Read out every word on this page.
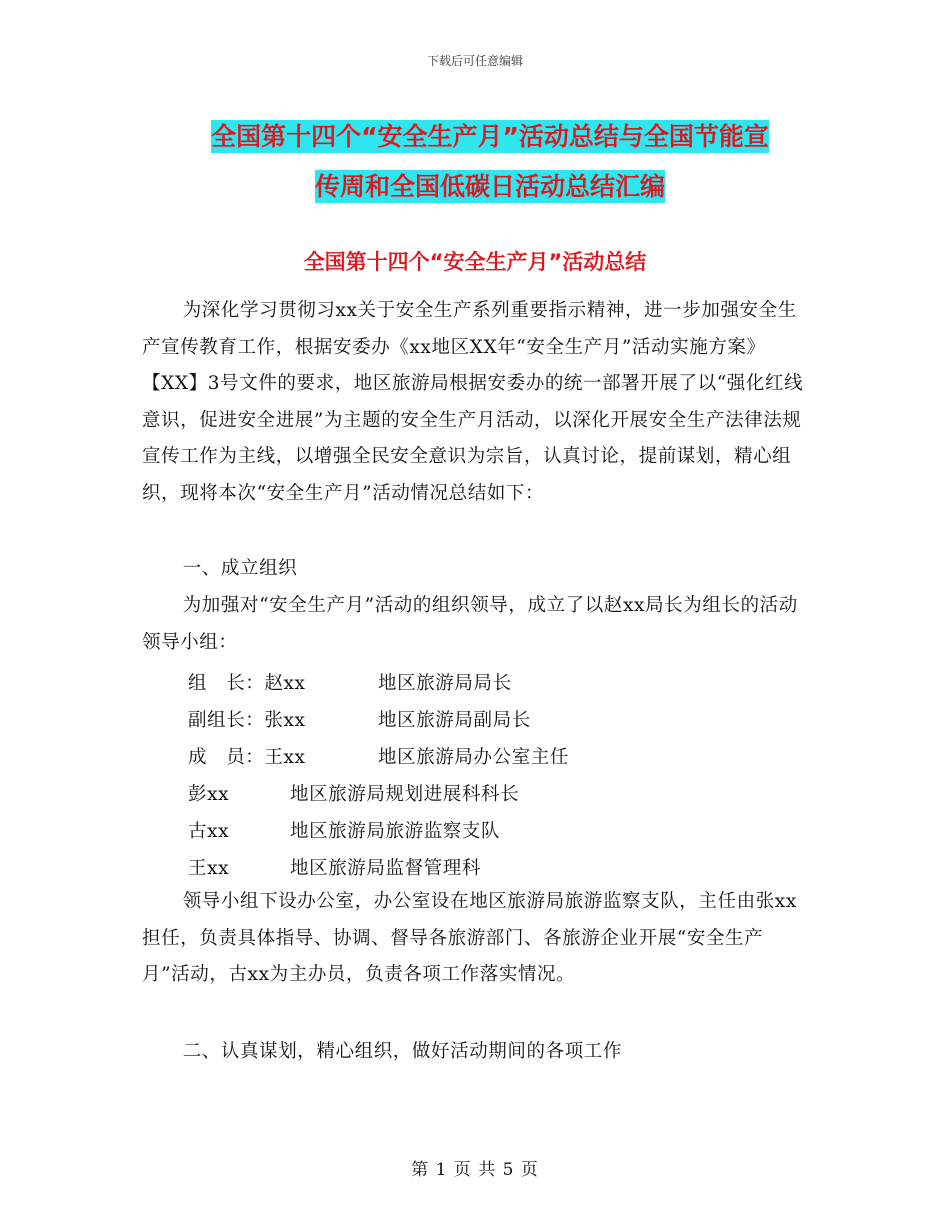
下载后可任意编辑
全国第十四个“安全生产月”活动总结与全国节能宣
传周和全国低碳日活动总结汇编
全国第十四个“安全生产月”活动总结

为深化学习贯彻习xx关于安全生产系列重要指示精神，进一步加强安全生产宣传教育工作，根据安委办《xx地区XX年“安全生产月”活动实施方案》【XX】3号文件的要求，地区旅游局根据安委办的统一部署开展了以“强化红线意识，促进安全进展”为主题的安全生产月活动，以深化开展安全生产法律法规宣传工作为主线，以增强全民安全意识为宗旨，认真讨论，提前谋划，精心组织，现将本次“安全生产月”活动情况总结如下：

一、成立组织

为加强对“安全生产月”活动的组织领导，成立了以赵xx局长为组长的活动领导小组：

组　长：赵xx	地区旅游局局长
副组长：张xx	地区旅游局副局长
成　员：王xx	地区旅游局办公室主任
彭xx	地区旅游局规划进展科科长
古xx	地区旅游局旅游监察支队
王xx	地区旅游局监督管理科

领导小组下设办公室，办公室设在地区旅游局旅游监察支队，主任由张xx担任，负责具体指导、协调、督导各旅游部门、各旅游企业开展“安全生产月”活动，古xx为主办员，负责各项工作落实情况。

二、认真谋划，精心组织，做好活动期间的各项工作

第 1 页 共 5 页
